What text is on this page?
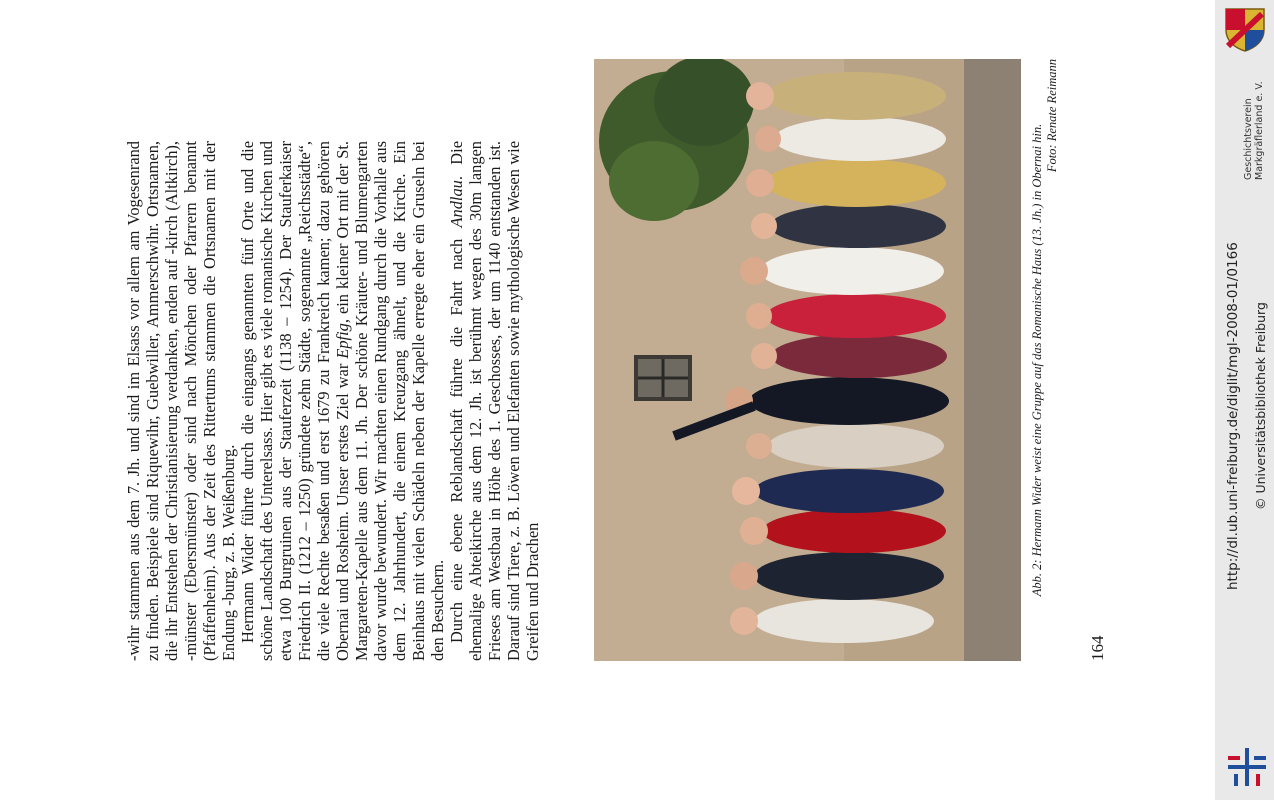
-wihr stammen aus dem 7. Jh. und sind im Elsass vor allem am Vogesenrand zu finden. Beispiele sind Riquewihr, Guebwiller, Ammerschwihr. Ortsnamen, die ihr Entstehen der Christianisierung verdanken, enden auf -kirch (Altkirch), -münster (Ebersmünster) oder sind nach Mönchen oder Pfarrern benannt (Pfaffenheim). Aus der Zeit des Rittertums stammen die Ortsnamen mit der Endung -burg, z. B. Weißenburg. Hermann Wider führte durch die eingangs genannten fünf Orte und die schöne Landschaft des Unterelsass. Hier gibt es viele romanische Kirchen und etwa 100 Burgruinen aus der Stauferzeit (1138 – 1254). Der Stauferkaiser Friedrich II. (1212 – 1250) gründete zehn Städte, sogenannte „Reichsstädte“, die viele Rechte besaßen und erst 1679 zu Frankreich kamen; dazu gehören Obernai und Rosheim. Unser erstes Ziel war Epfig, ein kleiner Ort mit der St. Margareten-Kapelle aus dem 11. Jh. Der schöne Kräuter- und Blumengarten davor wurde bewundert. Wir machten einen Rundgang durch die Vorhalle aus dem 12. Jahrhundert, die einem Kreuzgang ähnelt, und die Kirche. Ein Beinhaus mit vielen Schädeln neben der Kapelle erregte eher ein Gruseln bei den Besuchern. Durch eine ebene Reblandschaft führte die Fahrt nach Andlau. Die ehemalige Abteikirche aus dem 12. Jh. ist berühmt wegen des 30m langen Frieses am Westbau in Höhe des 1. Geschosses, der um 1140 entstanden ist. Darauf sind Tiere, z. B. Löwen und Elefanten sowie mythologische Wesen wie Greifen und Drachen	Abb. 2: Hermann Wider weist eine Gruppe auf das Romanische Haus (13. Jh.) in Obernai hin.
Foto: Renate Reimann
164
Geschichtsverein Markgräflerland e. V.
http://dl.ub.uni-freiburg.de/diglit/mgl-2008-01/0166 © Universitätsbibliothek Freiburg
